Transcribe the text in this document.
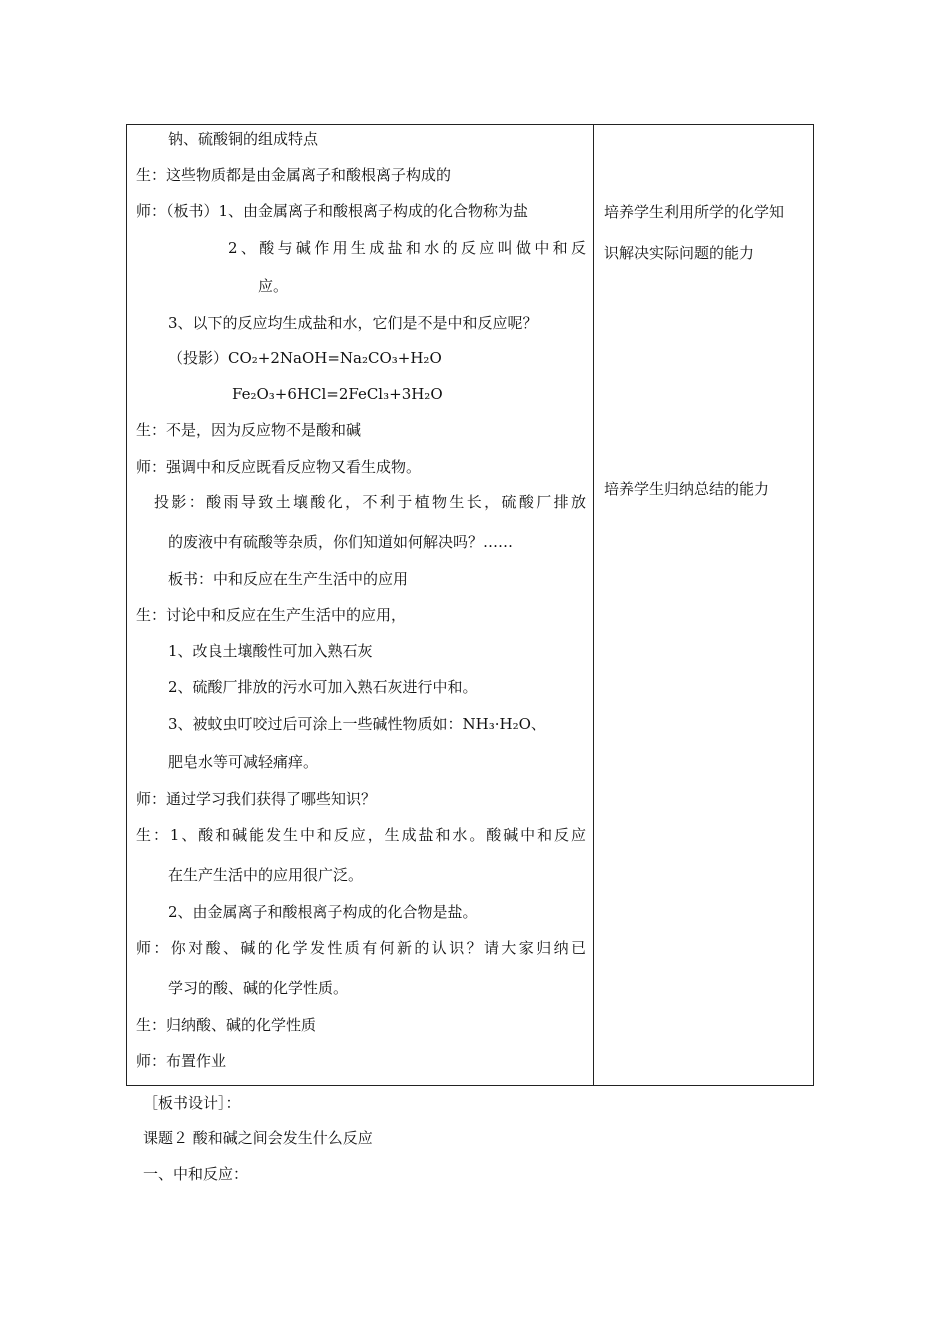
钠、硫酸铜的组成特点
生：这些物质都是由金属离子和酸根离子构成的
师：（板书）1、由金属离子和酸根离子构成的化合物称为盐
2、酸与碱作用生成盐和水的反应叫做中和反
应。
3、以下的反应均生成盐和水，它们是不是中和反应呢？
（投影）CO₂+2NaOH=Na₂CO₃+H₂O
Fe₂O₃+6HCl=2FeCl₃+3H₂O
生：不是，因为反应物不是酸和碱
师：强调中和反应既看反应物又看生成物。
投影：酸雨导致土壤酸化，不利于植物生长，硫酸厂排放
的废液中有硫酸等杂质，你们知道如何解决吗？……
板书：中和反应在生产生活中的应用
生：讨论中和反应在生产生活中的应用，
1、改良土壤酸性可加入熟石灰
2、硫酸厂排放的污水可加入熟石灰进行中和。
3、被蚊虫叮咬过后可涂上一些碱性物质如：NH₃·H₂O、
肥皂水等可减轻痛痒。
师：通过学习我们获得了哪些知识？
生：1、酸和碱能发生中和反应，生成盐和水。酸碱中和反应
在生产生活中的应用很广泛。
2、由金属离子和酸根离子构成的化合物是盐。
师：你对酸、碱的化学发性质有何新的认识？请大家归纳已
学习的酸、碱的化学性质。
生：归纳酸、碱的化学性质
师：布置作业
培养学生利用所学的化学知
识解决实际问题的能力
培养学生归纳总结的能力
［板书设计］：
课题２ 酸和碱之间会发生什么反应
一、中和反应：
